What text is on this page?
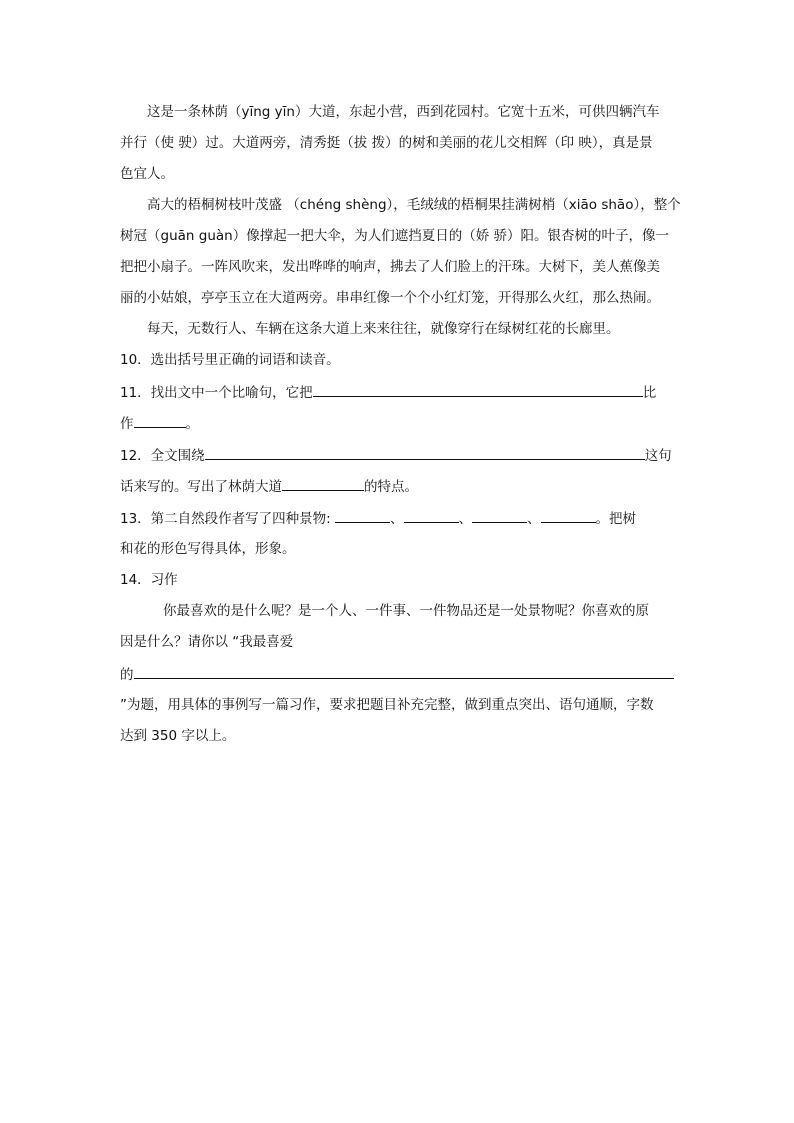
这是一条林荫（yīng yīn）大道，东起小营，西到花园村。它宽十五米，可供四辆汽车
并行（使 驶）过。大道两旁，清秀挺（拔 拨）的树和美丽的花儿交相辉（印 映），真是景
色宜人。
高大的梧桐树枝叶茂盛 （chéng shèng），毛绒绒的梧桐果挂满树梢（xiāo shāo），整个
树冠（guān guàn）像撑起一把大伞，为人们遮挡夏日的（娇 骄）阳。银杏树的叶子，像一
把把小扇子。一阵风吹来，发出哗哗的响声，拂去了人们脸上的汗珠。大树下，美人蕉像美
丽的小姑娘，亭亭玉立在大道两旁。串串红像一个个小红灯笼，开得那么火红，那么热闹。
每天，无数行人、车辆在这条大道上来来往往，就像穿行在绿树红花的长廊里。
10．选出括号里正确的词语和读音。
11．找出文中一个比喻句，它把	比
作	。
12．全文围绕	这句
话来写的。写出了林荫大道	的特点。
13．第二自然段作者写了四种景物:	、	、	、	。把树
和花的形色写得具体，形象。
14．习作
你最喜欢的是什么呢？是一个人、一件事、一件物品还是一处景物呢？你喜欢的原
因是什么？请你以 “我最喜爱
的
”为题，用具体的事例写一篇习作，要求把题目补充完整，做到重点突出、语句通顺，字数
达到 350 字以上。
